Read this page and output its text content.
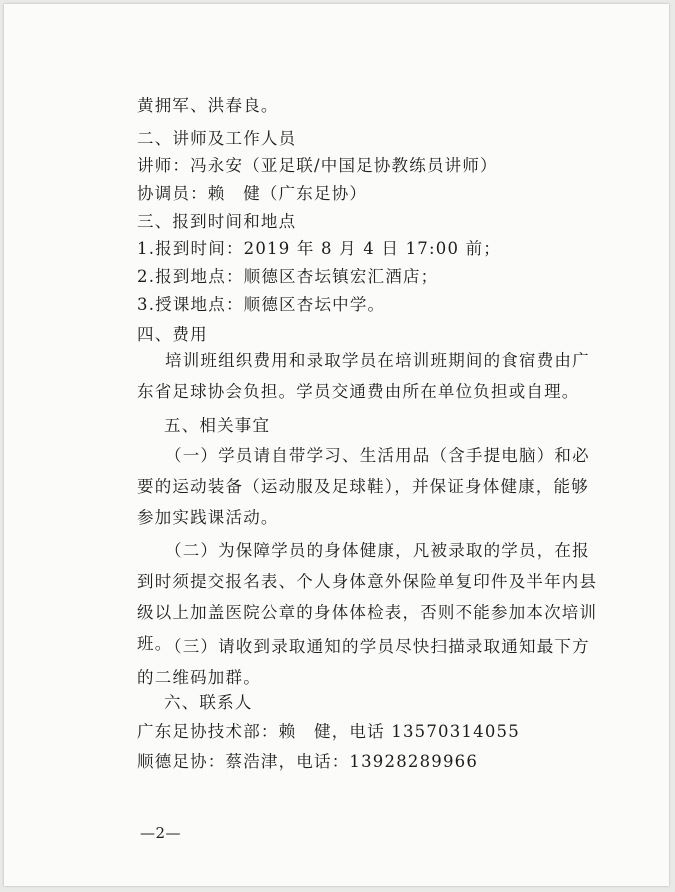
黄拥军、洪春良。
二、讲师及工作人员
讲师：冯永安（亚足联/中国足协教练员讲师）
协调员：赖　健（广东足协）
三、报到时间和地点
1.报到时间：2019 年 8 月 4 日 17:00 前；
2.报到地点：顺德区杏坛镇宏汇酒店；
3.授课地点：顺德区杏坛中学。
四、费用
培训班组织费用和录取学员在培训班期间的食宿费由广东省足球协会负担。学员交通费由所在单位负担或自理。
五、相关事宜
（一）学员请自带学习、生活用品（含手提电脑）和必要的运动装备（运动服及足球鞋），并保证身体健康，能够参加实践课活动。
（二）为保障学员的身体健康，凡被录取的学员，在报到时须提交报名表、个人身体意外保险单复印件及半年内县级以上加盖医院公章的身体体检表，否则不能参加本次培训班。
（三）请收到录取通知的学员尽快扫描录取通知最下方的二维码加群。
六、联系人
广东足协技术部：赖　健，电话 13570314055
顺德足协：蔡浩津，电话：13928289966
—2—
